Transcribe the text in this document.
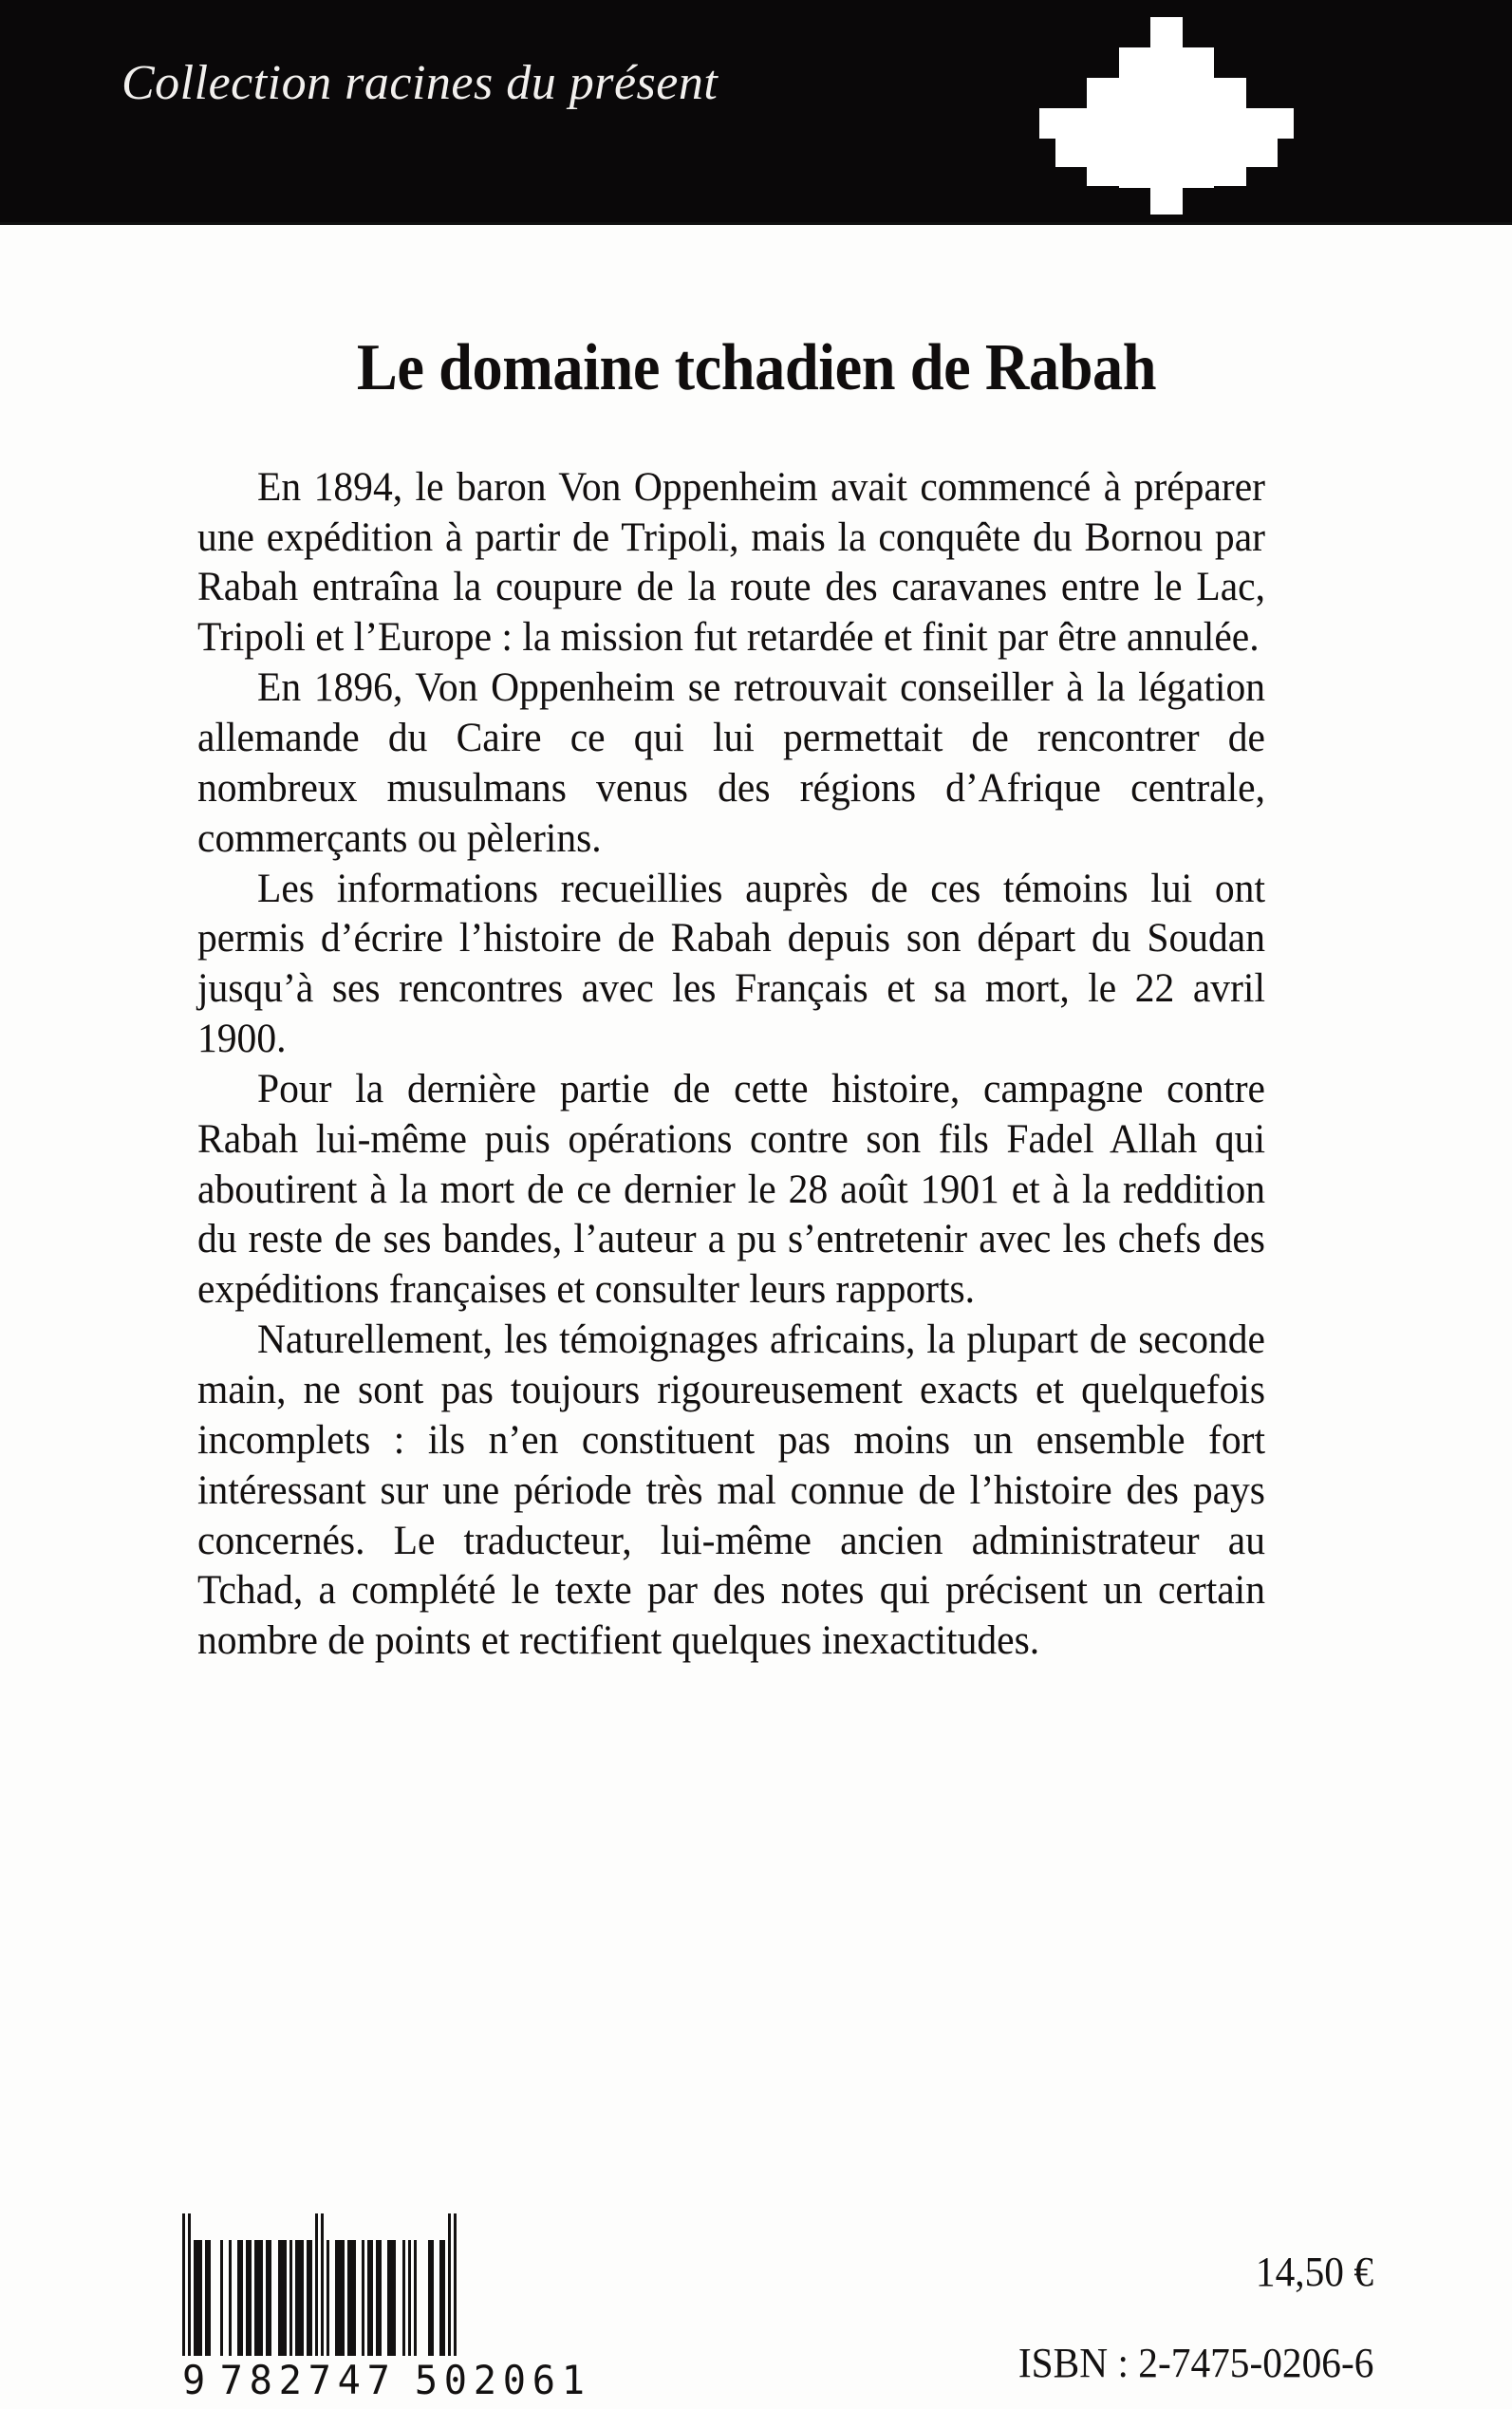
Collection racines du présent
Le domaine tchadien de Rabah

En 1894, le baron Von Oppenheim avait commencé à préparer une expédition à partir de Tripoli, mais la conquête du Bornou par Rabah entraîna la coupure de la route des caravanes entre le Lac, Tripoli et l’Europe : la mission fut retardée et finit par être annulée.

En 1896, Von Oppenheim se retrouvait conseiller à la légation allemande du Caire ce qui lui permettait de rencontrer de nombreux musulmans venus des régions d’Afrique centrale, commerçants ou pèlerins.

Les informations recueillies auprès de ces témoins lui ont permis d’écrire l’histoire de Rabah depuis son départ du Soudan jusqu’à ses rencontres avec les Français et sa mort, le 22 avril 1900.

Pour la dernière partie de cette histoire, campagne contre Rabah lui-même puis opérations contre son fils Fadel Allah qui aboutirent à la mort de ce dernier le 28 août 1901 et à la reddition du reste de ses bandes, l’auteur a pu s’entretenir avec les chefs des expéditions françaises et consulter leurs rapports.

Naturellement, les témoignages africains, la plupart de seconde main, ne sont pas toujours rigoureusement exacts et quelquefois incomplets : ils n’en constituent pas moins un ensemble fort intéressant sur une période très mal connue de l’histoire des pays concernés. Le traducteur, lui-même ancien administrateur au Tchad, a complété le texte par des notes qui précisent un certain nombre de points et rectifient quelques inexactitudes.

9 782747 502061
14,50 €
ISBN : 2-7475-0206-6
